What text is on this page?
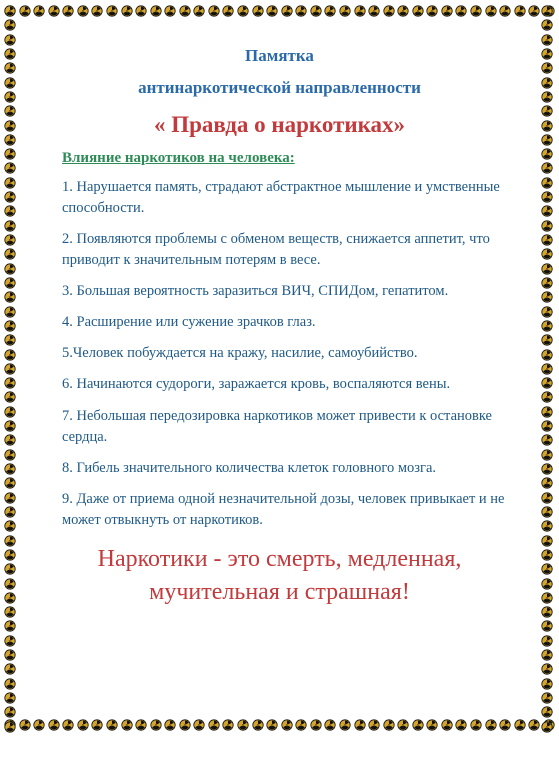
Памятка

антинаркотической направленности

« Правда о наркотиках»

Влияние наркотиков на человека:
1. Нарушается память, страдают абстрактное мышление и умственные способности.
2. Появляются проблемы с обменом веществ, снижается аппетит, что приводит к значительным потерям в весе.
3. Большая вероятность заразиться ВИЧ, СПИДом, гепатитом.
4. Расширение или сужение зрачков глаз.
5.Человек побуждается на кражу, насилие, самоубийство.
6. Начинаются судороги, заражается кровь, воспаляются вены.
7. Небольшая передозировка наркотиков может привести к остановке сердца.
8. Гибель значительного количества клеток головного мозга.
9. Даже от приема одной незначительной дозы, человек привыкает и не может отвыкнуть от наркотиков.
Наркотики - это смерть, медленная, мучительная и страшная!
